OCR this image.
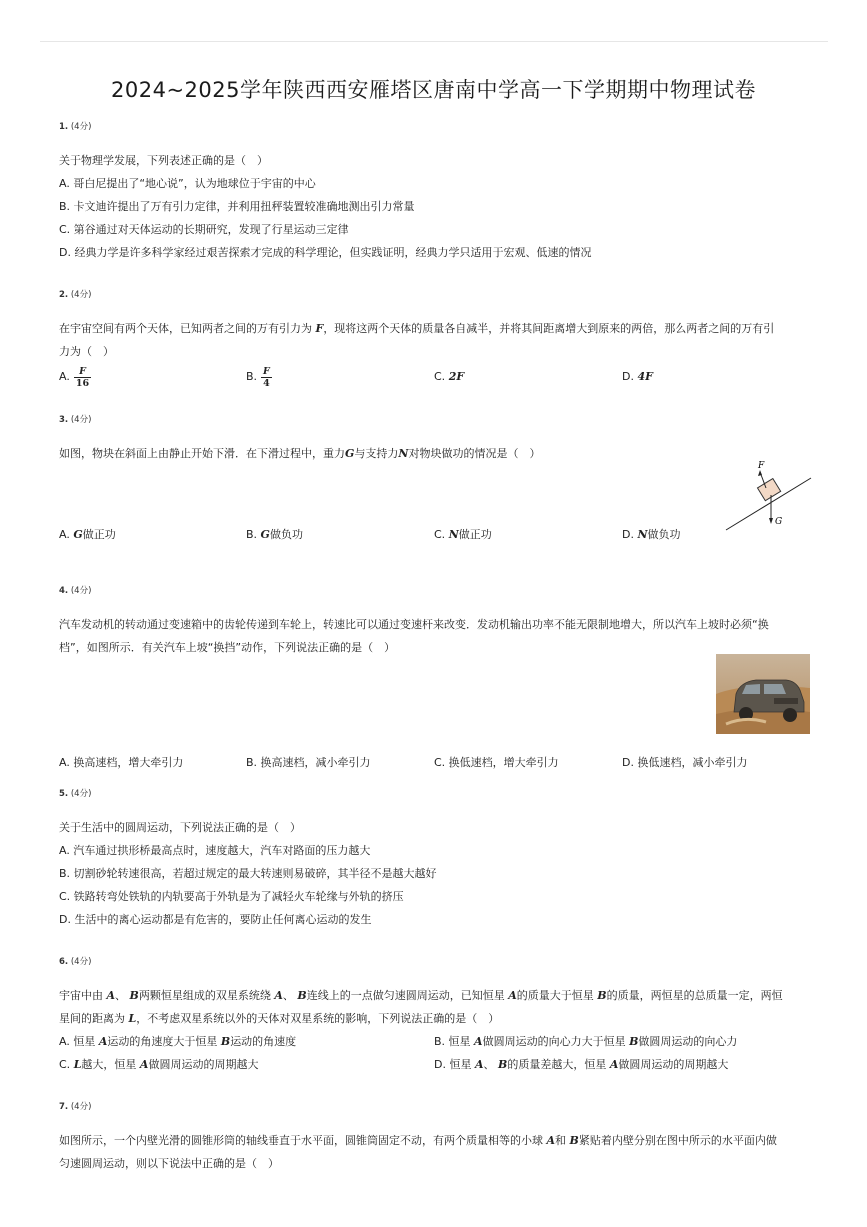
2024~2025学年陕西西安雁塔区唐南中学高一下学期期中物理试卷
1. (4分)
关于物理学发展，下列表述正确的是（　）
A. 哥白尼提出了“地心说”，认为地球位于宇宙的中心
B. 卡文迪许提出了万有引力定律，并利用扭秤装置较准确地测出引力常量
C. 第谷通过对天体运动的长期研究，发现了行星运动三定律
D. 经典力学是许多科学家经过艰苦探索才完成的科学理论，但实践证明，经典力学只适用于宏观、低速的情况
2. (4分)
在宇宙空间有两个天体，已知两者之间的万有引力为 F，现将这两个天体的质量各自减半，并将其间距离增大到原来的两倍，那么两者之间的万有引
力为（　）
A. $\frac{F}{16}$	B. $\frac{F}{4}$	C. 2F	D. 4F
3. (4分)
如图，物块在斜面上由静止开始下滑．在下滑过程中，重力G与支持力N对物块做功的情况是（　）
A. G做正功	B. G做负功	C. N做正功	D. N做负功
F
G
4. (4分)
汽车发动机的转动通过变速箱中的齿轮传递到车轮上，转速比可以通过变速杆来改变．发动机输出功率不能无限制地增大，所以汽车上坡时必须“换
档”，如图所示．有关汽车上坡“换挡”动作，下列说法正确的是（　）
A. 换高速档，增大牵引力	B. 换高速档，减小牵引力	C. 换低速档，增大牵引力	D. 换低速档，减小牵引力
5. (4分)
关于生活中的圆周运动，下列说法正确的是（　）
A. 汽车通过拱形桥最高点时，速度越大，汽车对路面的压力越大
B. 切割砂轮转速很高，若超过规定的最大转速则易破碎，其半径不是越大越好
C. 铁路转弯处铁轨的内轨要高于外轨是为了减轻火车轮缘与外轨的挤压
D. 生活中的离心运动都是有危害的，要防止任何离心运动的发生
6. (4分)
宇宙中由 A、 B两颗恒星组成的双星系统绕 A、 B连线上的一点做匀速圆周运动，已知恒星 A的质量大于恒星 B的质量，两恒星的总质量一定，两恒
星间的距离为 L，不考虑双星系统以外的天体对双星系统的影响，下列说法正确的是（　）
A. 恒星 A运动的角速度大于恒星 B运动的角速度	B. 恒星 A做圆周运动的向心力大于恒星 B做圆周运动的向心力
C. L越大，恒星 A做圆周运动的周期越大	D. 恒星 A、 B的质量差越大，恒星 A做圆周运动的周期越大
7. (4分)
如图所示，一个内壁光滑的圆锥形筒的轴线垂直于水平面，圆锥筒固定不动，有两个质量相等的小球 A和 B紧贴着内壁分别在图中所示的水平面内做
匀速圆周运动，则以下说法中正确的是（　）
